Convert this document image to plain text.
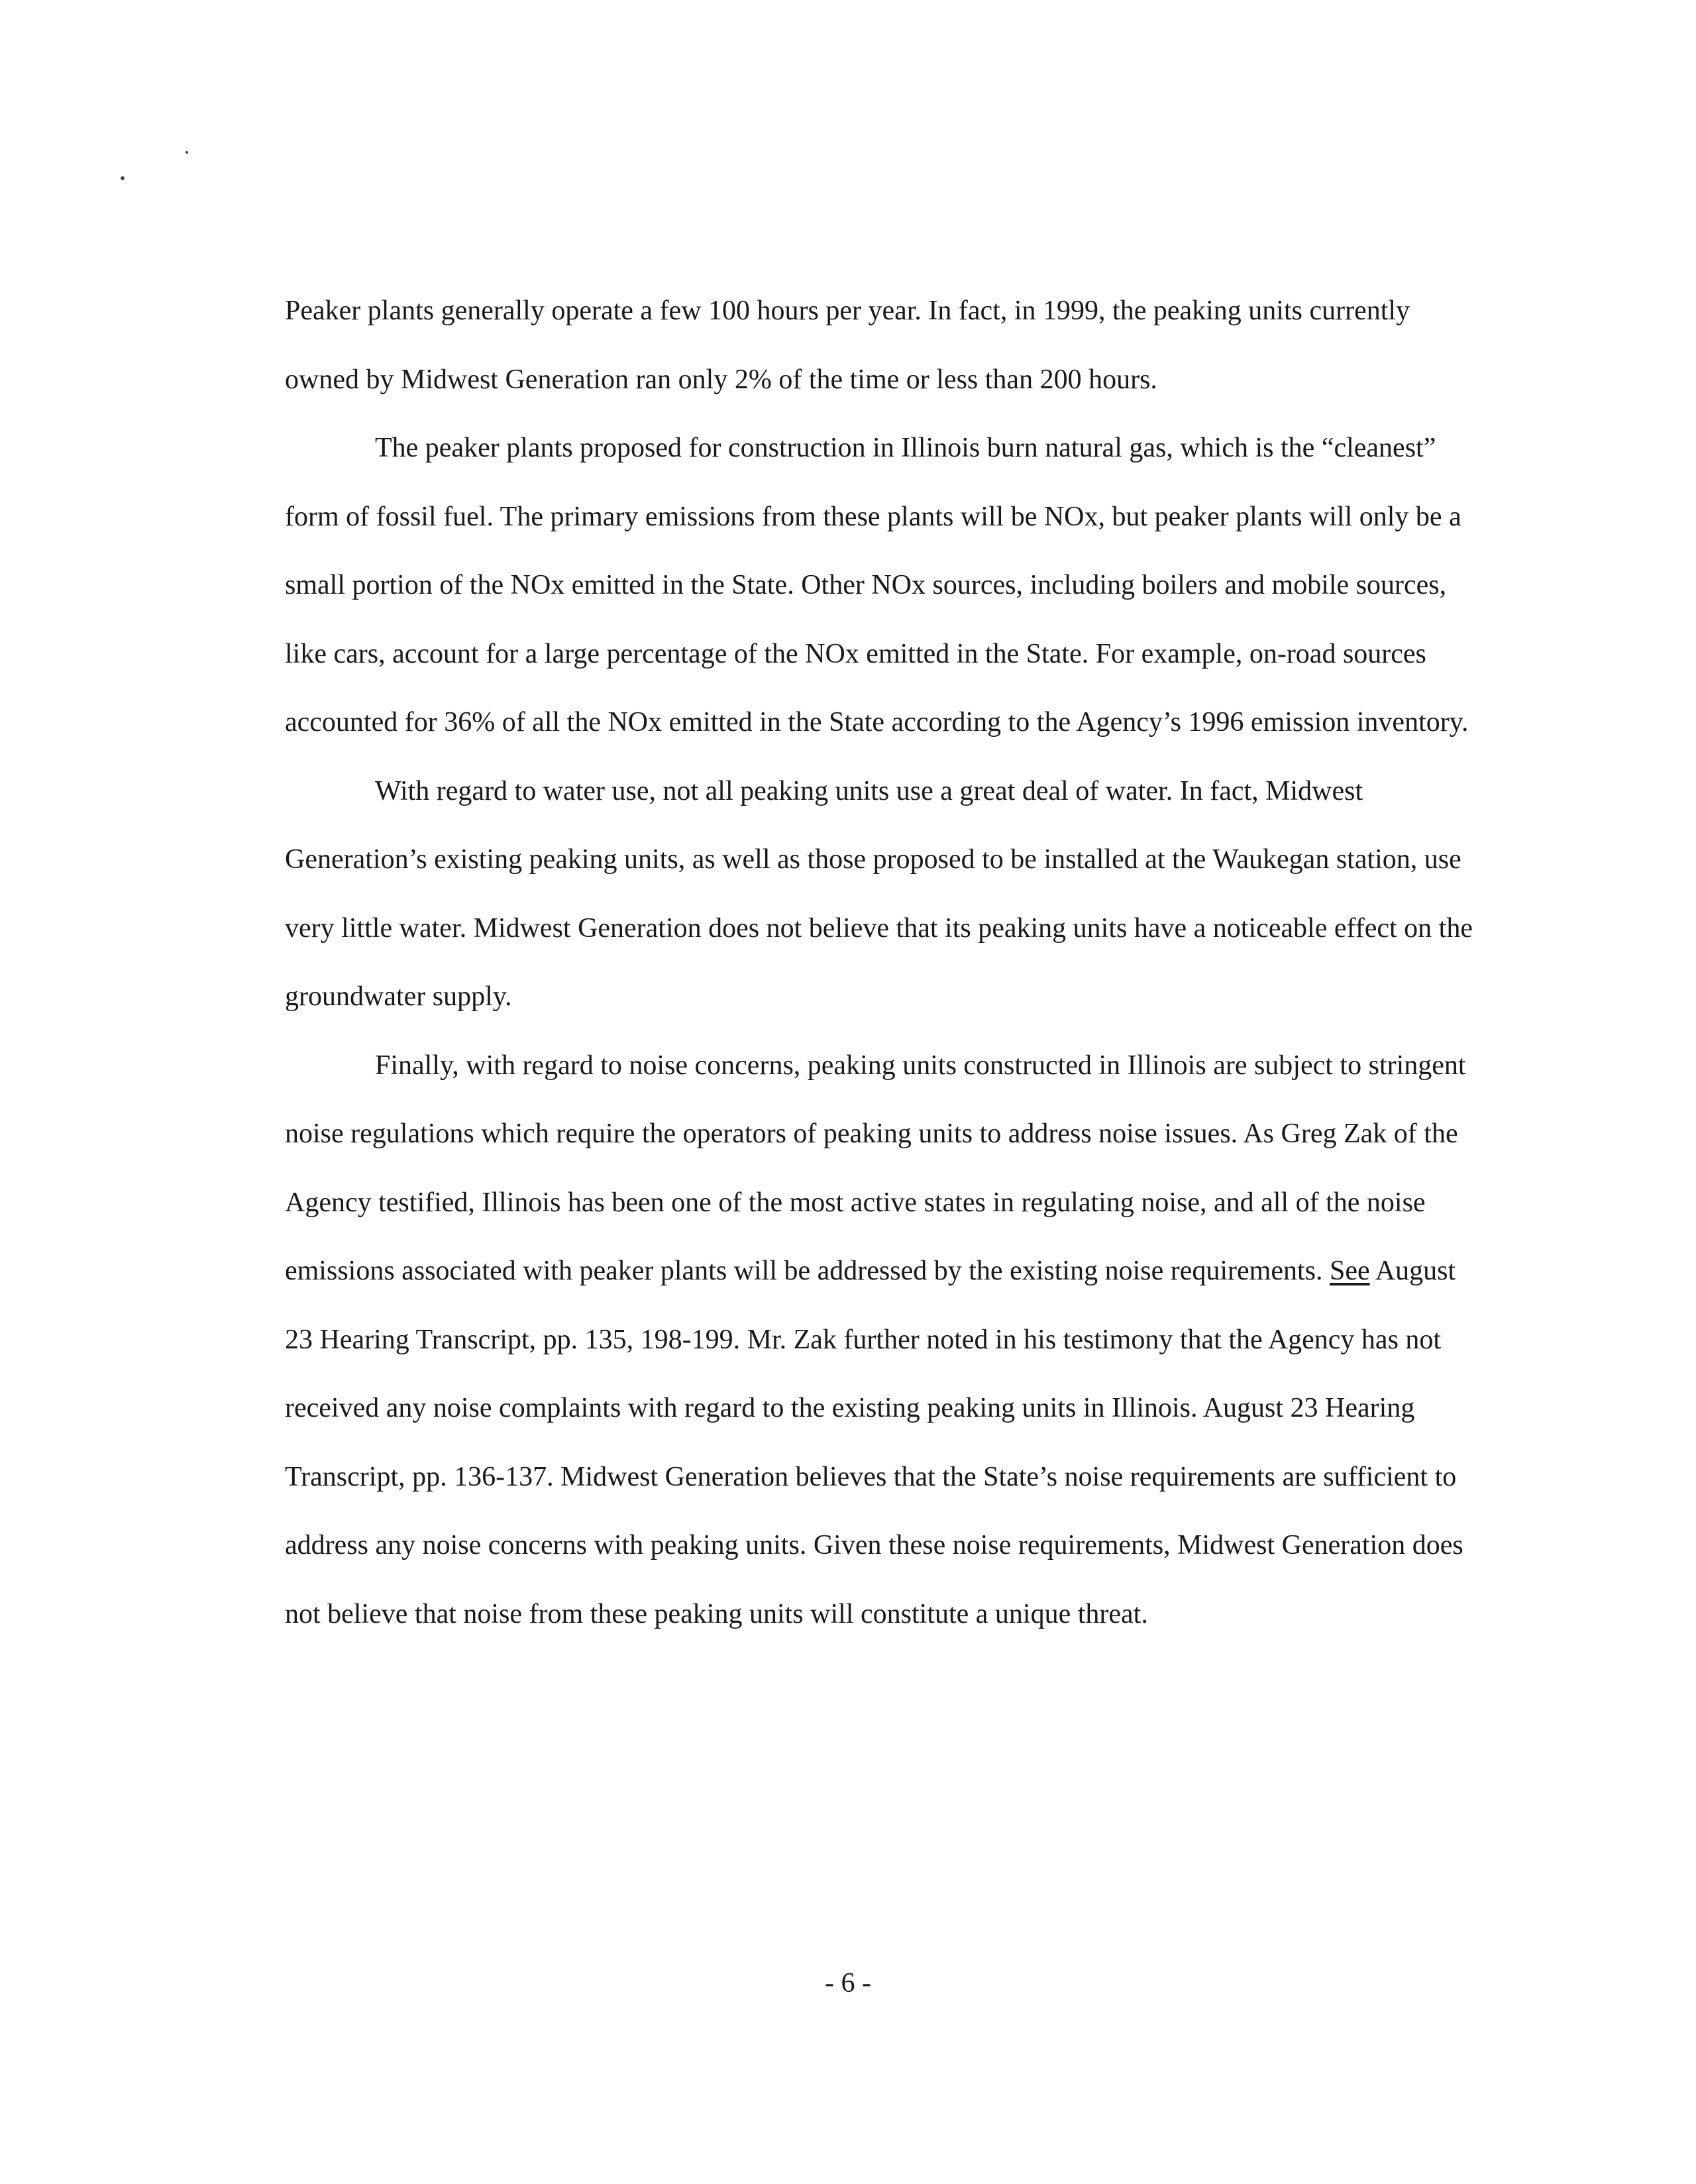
Peaker plants generally operate a few 100 hours per year. In fact, in 1999, the peaking units currently owned by Midwest Generation ran only 2% of the time or less than 200 hours.

The peaker plants proposed for construction in Illinois burn natural gas, which is the “cleanest” form of fossil fuel. The primary emissions from these plants will be NOx, but peaker plants will only be a small portion of the NOx emitted in the State. Other NOx sources, including boilers and mobile sources, like cars, account for a large percentage of the NOx emitted in the State. For example, on-road sources accounted for 36% of all the NOx emitted in the State according to the Agency’s 1996 emission inventory.

With regard to water use, not all peaking units use a great deal of water. In fact, Midwest Generation’s existing peaking units, as well as those proposed to be installed at the Waukegan station, use very little water. Midwest Generation does not believe that its peaking units have a noticeable effect on the groundwater supply.

Finally, with regard to noise concerns, peaking units constructed in Illinois are subject to stringent noise regulations which require the operators of peaking units to address noise issues. As Greg Zak of the Agency testified, Illinois has been one of the most active states in regulating noise, and all of the noise emissions associated with peaker plants will be addressed by the existing noise requirements. See August 23 Hearing Transcript, pp. 135, 198-199. Mr. Zak further noted in his testimony that the Agency has not received any noise complaints with regard to the existing peaking units in Illinois. August 23 Hearing Transcript, pp. 136-137. Midwest Generation believes that the State’s noise requirements are sufficient to address any noise concerns with peaking units. Given these noise requirements, Midwest Generation does not believe that noise from these peaking units will constitute a unique threat.

- 6 -
